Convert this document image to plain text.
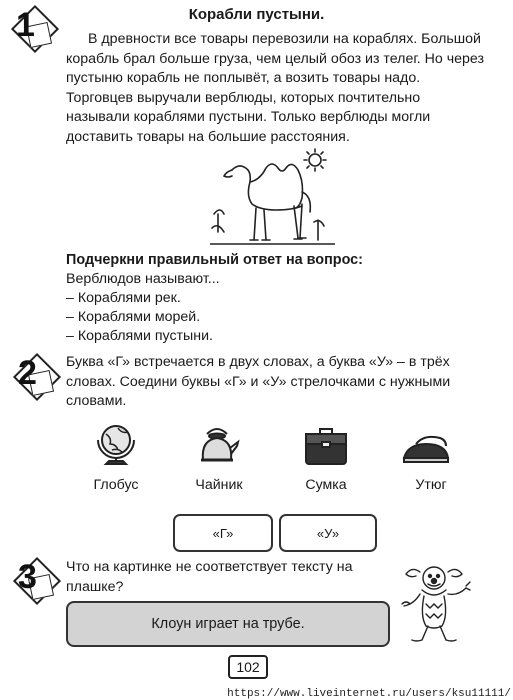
Корабли пустыни.
1	В древности все товары перевозили на кораблях. Большой корабль брал больше груза, чем целый обоз из телег. Но через пустыню корабль не поплывёт, а возить товары надо. Торговцев выручали верблюды, которых почтительно называли кораблями пустыни. Только верблюды могли доставить товары на большие расстояния.
Подчеркни правильный ответ на вопрос:
Верблюдов называют...
– Кораблями рек.
– Кораблями морей.
– Кораблями пустыни.
2 Буква «Г» встречается в двух словах, а буква «У» – в трёх словах. Соедини буквы «Г» и «У» стрелочками с нужными словами.
Глобус	Чайник	Сумка	Утюг
«Г»	«У»
3 Что на картинке не соответствует тексту на плашке?
Клоун играет на трубе.
102
https://www.liveinternet.ru/users/ksu11111/
